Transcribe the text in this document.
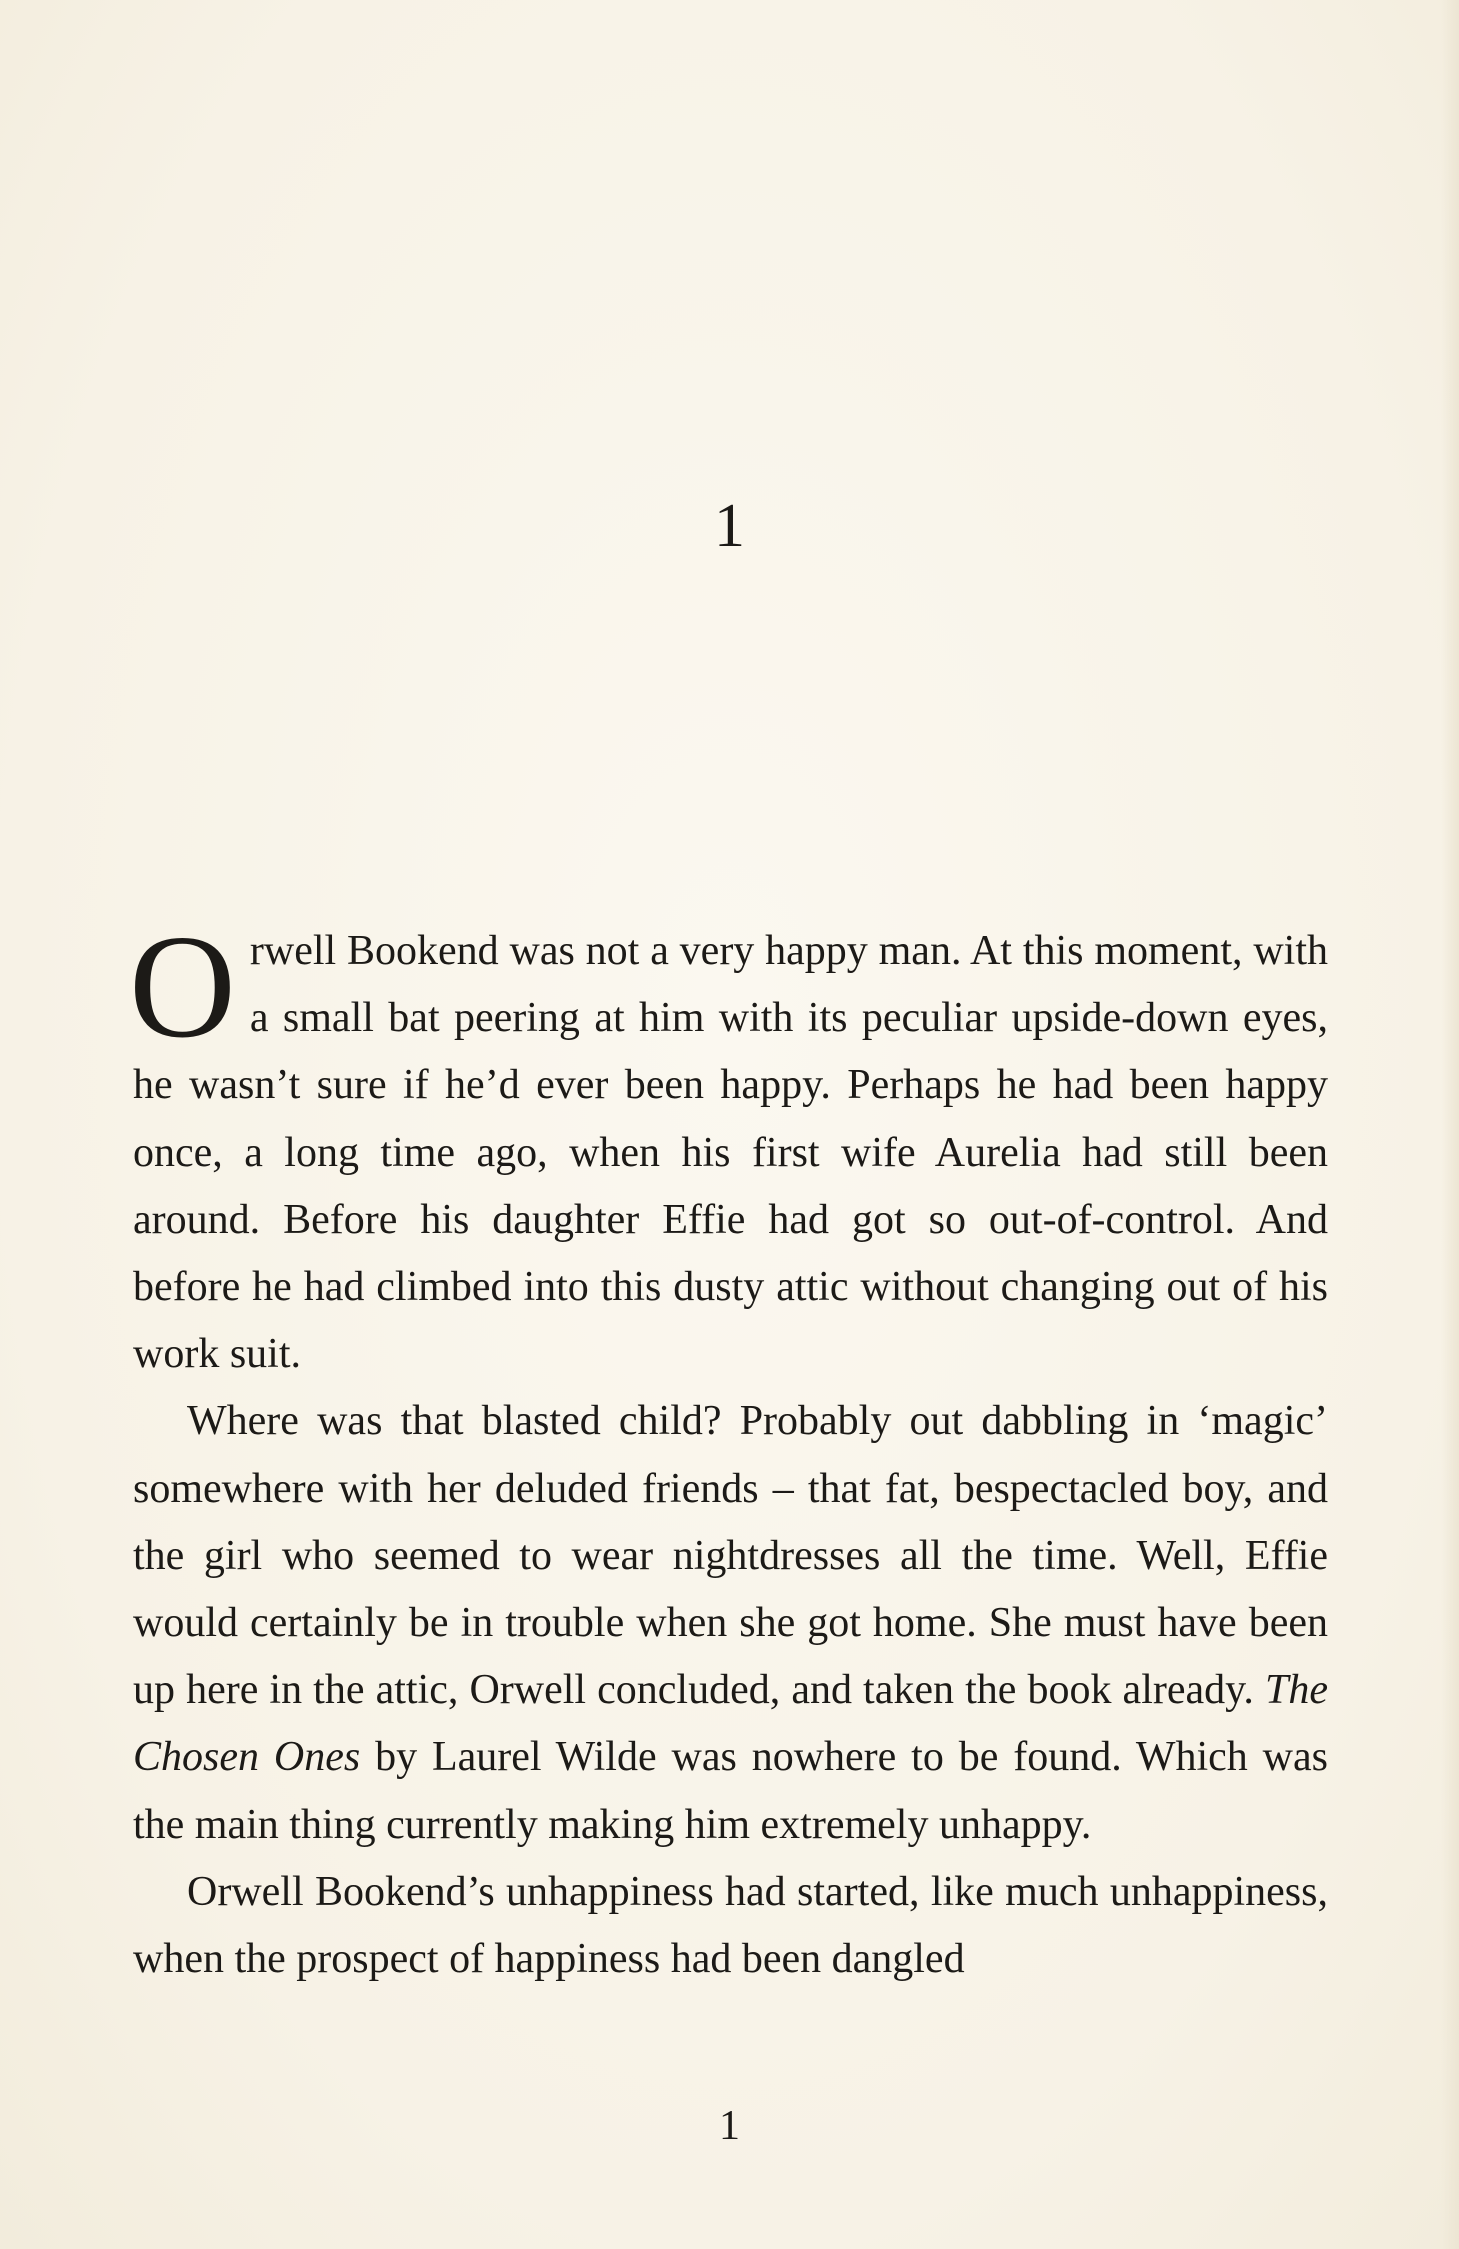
1

Orwell Bookend was not a very happy man. At this moment, with a small bat peering at him with its peculiar upside-down eyes, he wasn’t sure if he’d ever been happy. Perhaps he had been happy once, a long time ago, when his first wife Aurelia had still been around. Before his daughter Effie had got so out-of-control. And before he had climbed into this dusty attic without changing out of his work suit.

Where was that blasted child? Probably out dabbling in ‘magic’ somewhere with her deluded friends – that fat, bespectacled boy, and the girl who seemed to wear nightdresses all the time. Well, Effie would certainly be in trouble when she got home. She must have been up here in the attic, Orwell concluded, and taken the book already. The Chosen Ones by Laurel Wilde was nowhere to be found. Which was the main thing currently making him extremely unhappy.

Orwell Bookend’s unhappiness had started, like much unhappiness, when the prospect of happiness had been dangled

1
